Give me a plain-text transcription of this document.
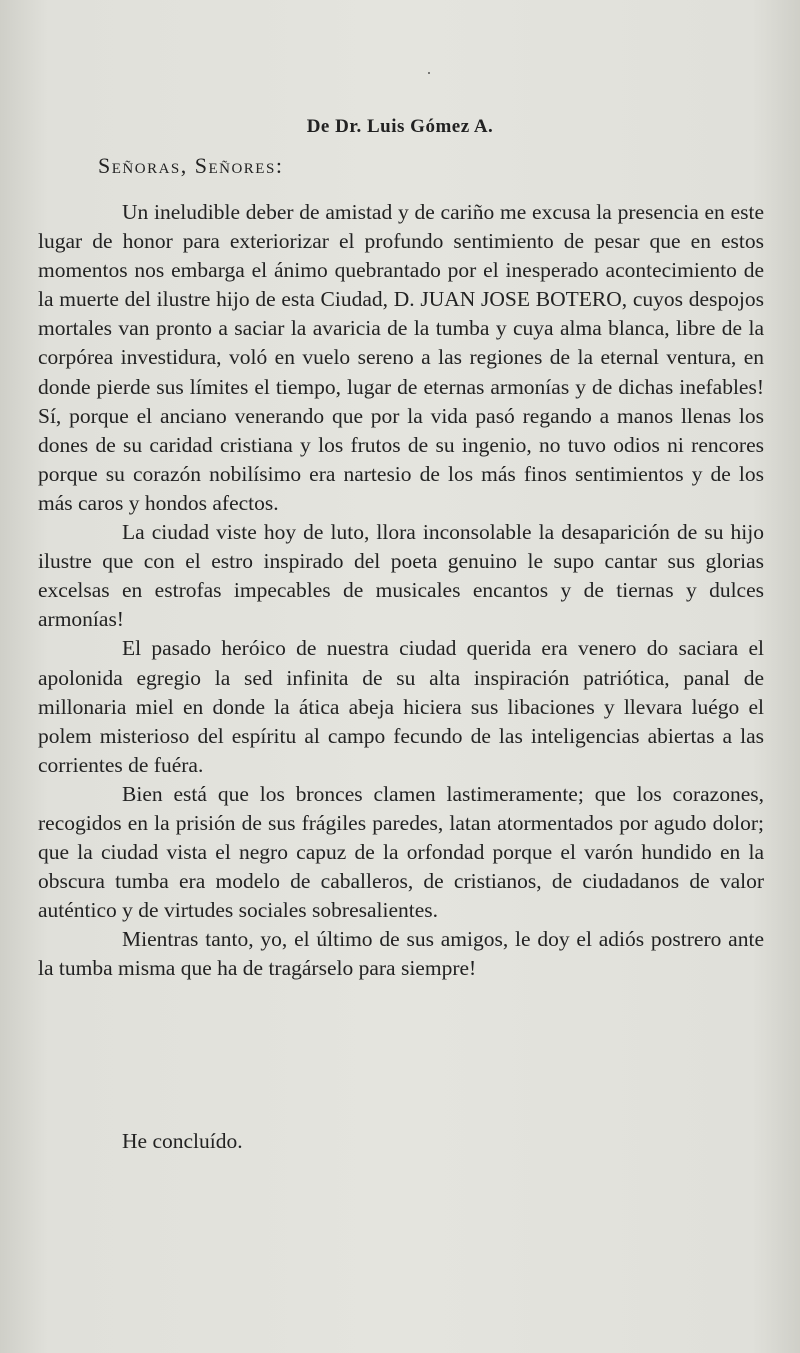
De Dr. Luis Gómez A.
Señoras, Señores:

Un ineludible deber de amistad y de cariño me excusa la presencia en este lugar de honor para exteriorizar el profundo sentimiento de pesar que en estos momentos nos embarga el ánimo quebrantado por el inesperado acontecimiento de la muerte del ilustre hijo de esta Ciudad, D. JUAN JOSE BOTERO, cuyos despojos mortales van pronto a saciar la avaricia de la tumba y cuya alma blanca, libre de la corpórea investidura, voló en vuelo sereno a las regiones de la eternal ventura, en donde pierde sus límites el tiempo, lugar de eternas armonías y de dichas inefables! Sí, porque el anciano venerando que por la vida pasó regando a manos llenas los dones de su caridad cristiana y los frutos de su ingenio, no tuvo odios ni rencores porque su corazón nobilísimo era nartesio de los más finos sentimientos y de los más caros y hondos afectos.

La ciudad viste hoy de luto, llora inconsolable la desaparición de su hijo ilustre que con el estro inspirado del poeta genuino le supo cantar sus glorias excelsas en estrofas impecables de musicales encantos y de tiernas y dulces armonías!

El pasado heróico de nuestra ciudad querida era venero do saciara el apolonida egregio la sed infinita de su alta inspiración patriótica, panal de millonaria miel en donde la ática abeja hiciera sus libaciones y llevara luégo el polem misterioso del espíritu al campo fecundo de las inteligencias abiertas a las corrientes de fuéra.

Bien está que los bronces clamen lastimeramente; que los corazones, recogidos en la prisión de sus frágiles paredes, latan atormentados por agudo dolor; que la ciudad vista el negro capuz de la orfondad porque el varón hundido en la obscura tumba era modelo de caballeros, de cristianos, de ciudadanos de valor auténtico y de virtudes sociales sobresalientes.

Mientras tanto, yo, el último de sus amigos, le doy el adiós postrero ante la tumba misma que ha de tragárselo para siempre!

He concluído.
